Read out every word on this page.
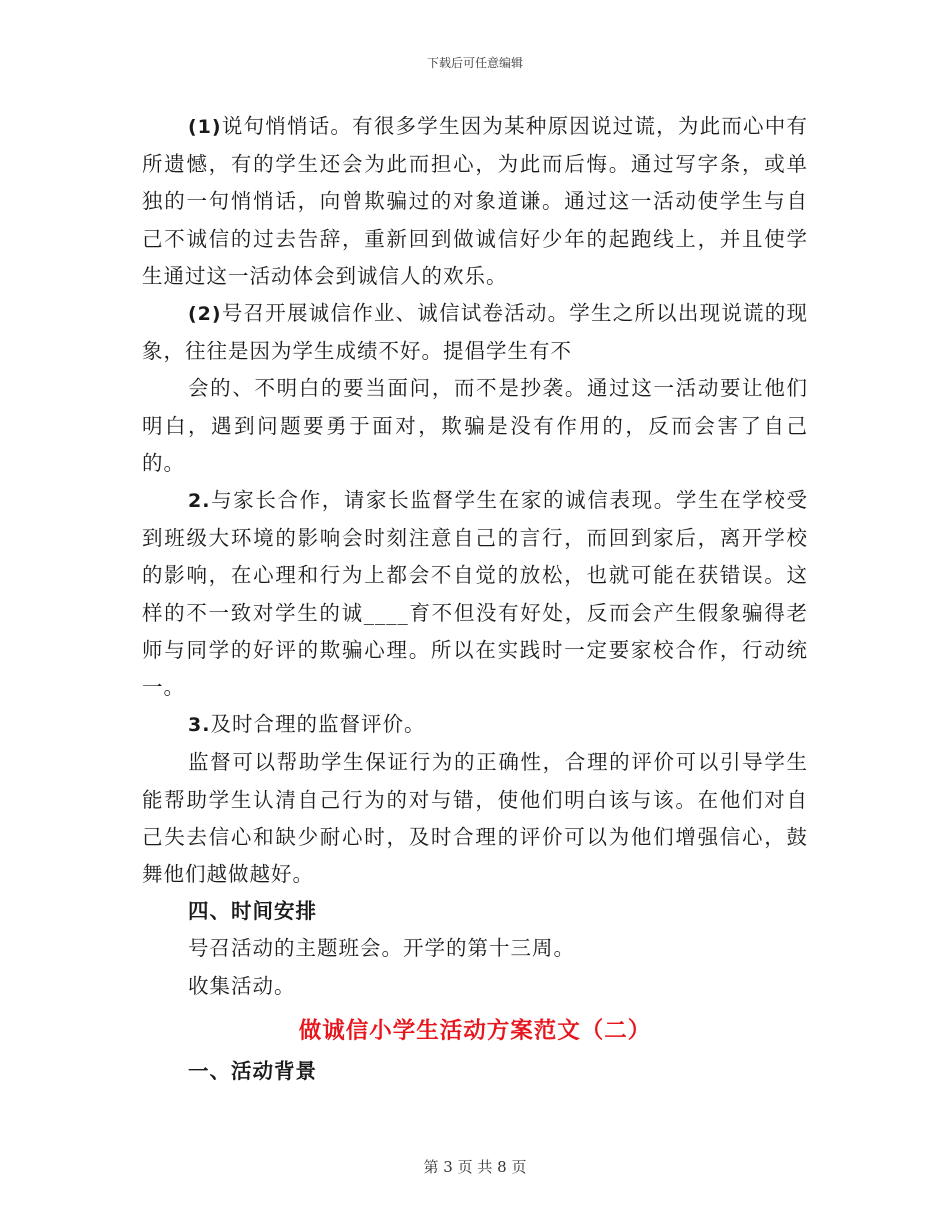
下载后可任意编辑

(1)说句悄悄话。有很多学生因为某种原因说过谎，为此而心中有所遗憾，有的学生还会为此而担心，为此而后悔。通过写字条，或单独的一句悄悄话，向曾欺骗过的对象道谦。通过这一活动使学生与自己不诚信的过去告辞，重新回到做诚信好少年的起跑线上，并且使学生通过这一活动体会到诚信人的欢乐。

(2)号召开展诚信作业、诚信试卷活动。学生之所以出现说谎的现象，往往是因为学生成绩不好。提倡学生有不

会的、不明白的要当面问，而不是抄袭。通过这一活动要让他们明白，遇到问题要勇于面对，欺骗是没有作用的，反而会害了自己的。

2.与家长合作，请家长监督学生在家的诚信表现。学生在学校受到班级大环境的影响会时刻注意自己的言行，而回到家后，离开学校的影响，在心理和行为上都会不自觉的放松，也就可能在获错误。这样的不一致对学生的诚____育不但没有好处，反而会产生假象骗得老师与同学的好评的欺骗心理。所以在实践时一定要家校合作，行动统一。

3.及时合理的监督评价。

监督可以帮助学生保证行为的正确性，合理的评价可以引导学生能帮助学生认清自己行为的对与错，使他们明白该与该。在他们对自己失去信心和缺少耐心时，及时合理的评价可以为他们增强信心，鼓舞他们越做越好。

四、时间安排

号召活动的主题班会。开学的第十三周。

收集活动。

做诚信小学生活动方案范文（二）

一、活动背景

第 3 页 共 8 页
